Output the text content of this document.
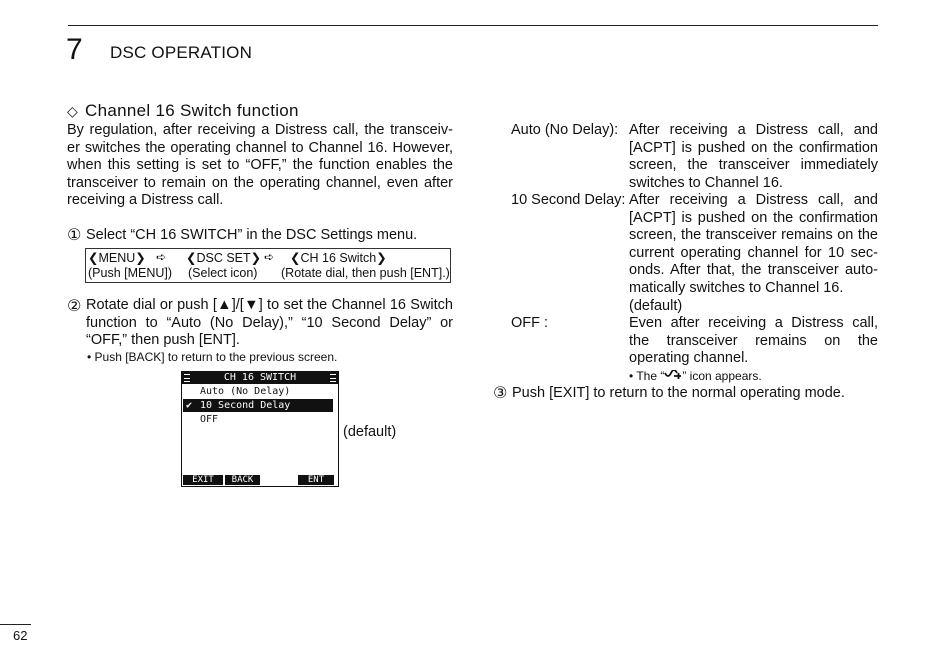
7 DSC OPERATION
◇ Channel 16 Switch function
By regulation, after receiving a Distress call, the transceiv-er switches the operating channel to Channel 16. However, when this setting is set to “OFF,” the function enables the transceiver to remain on the operating channel, even after receiving a Distress call.
① Select “CH 16 SWITCH” in the DSC Settings menu.
❮MENU❯ ➪ ❮DSC SET❯ ➪ ❮CH 16 Switch❯
(Push [MENU]) (Select icon) (Rotate dial, then push [ENT].)
② Rotate dial or push [▲]/[▼] to set the Channel 16 Switch function to “Auto (No Delay),” “10 Second Delay” or “OFF,” then push [ENT].
• Push [BACK] to return to the previous screen.
CH 16 SWITCH
Auto (No Delay)
✔ 10 Second Delay
OFF
EXIT	BACK	ENT
(default)
Auto (No Delay): After receiving a Distress call, and [ACPT] is pushed on the confirmation screen, the transceiver immediately switches to Channel 16.
10 Second Delay: After receiving a Distress call, and [ACPT] is pushed on the confirmation screen, the transceiver remains on the current operating channel for 10 sec-onds. After that, the transceiver auto-matically switches to Channel 16.
(default)
OFF :	Even after receiving a Distress call, the transceiver remains on the operating channel.
• The “ ” icon appears.
③ Push [EXIT] to return to the normal operating mode.
62
